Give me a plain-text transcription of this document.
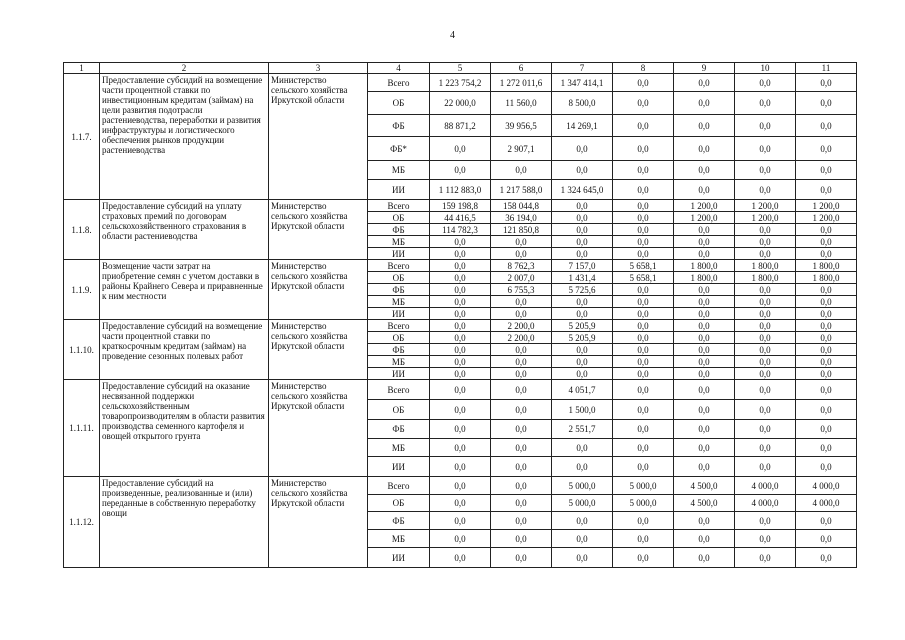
4
1	2	3	4	5	6	7	8	9	10	11
1.1.7.	Предоставление субсидий на возмещение части процентной ставки по инвестиционным кредитам (займам) на цели развития подотрасли растениеводства, переработки и развития инфраструктуры и логистического обеспечения рынков продукции растениеводства	Министерство сельского хозяйства Иркутской области	Всего	1 223 754,2	1 272 011,6	1 347 414,1	0,0	0,0	0,0	0,0
			ОБ	22 000,0	11 560,0	8 500,0	0,0	0,0	0,0	0,0
			ФБ	88 871,2	39 956,5	14 269,1	0,0	0,0	0,0	0,0
			ФБ*	0,0	2 907,1	0,0	0,0	0,0	0,0	0,0
			МБ	0,0	0,0	0,0	0,0	0,0	0,0	0,0
			ИИ	1 112 883,0	1 217 588,0	1 324 645,0	0,0	0,0	0,0	0,0
1.1.8.	Предоставление субсидий на уплату страховых премий по договорам сельскохозяйственного страхования в области растениеводства	Министерство сельского хозяйства Иркутской области	Всего	159 198,8	158 044,8	0,0	0,0	1 200,0	1 200,0	1 200,0
			ОБ	44 416,5	36 194,0	0,0	0,0	1 200,0	1 200,0	1 200,0
			ФБ	114 782,3	121 850,8	0,0	0,0	0,0	0,0	0,0
			МБ	0,0	0,0	0,0	0,0	0,0	0,0	0,0
			ИИ	0,0	0,0	0,0	0,0	0,0	0,0	0,0
1.1.9.	Возмещение части затрат на приобретение семян с учетом доставки в районы Крайнего Севера и приравненные к ним местности	Министерство сельского хозяйства Иркутской области	Всего	0,0	8 762,3	7 157,0	5 658,1	1 800,0	1 800,0	1 800,0
			ОБ	0,0	2 007,0	1 431,4	5 658,1	1 800,0	1 800,0	1 800,0
			ФБ	0,0	6 755,3	5 725,6	0,0	0,0	0,0	0,0
			МБ	0,0	0,0	0,0	0,0	0,0	0,0	0,0
			ИИ	0,0	0,0	0,0	0,0	0,0	0,0	0,0
1.1.10.	Предоставление субсидий на возмещение части процентной ставки по краткосрочным кредитам (займам) на проведение сезонных полевых работ	Министерство сельского хозяйства Иркутской области	Всего	0,0	2 200,0	5 205,9	0,0	0,0	0,0	0,0
			ОБ	0,0	2 200,0	5 205,9	0,0	0,0	0,0	0,0
			ФБ	0,0	0,0	0,0	0,0	0,0	0,0	0,0
			МБ	0,0	0,0	0,0	0,0	0,0	0,0	0,0
			ИИ	0,0	0,0	0,0	0,0	0,0	0,0	0,0
1.1.11.	Предоставление субсидий на оказание несвязанной поддержки сельскохозяйственным товаропроизводителям в области развития производства семенного картофеля и овощей открытого грунта	Министерство сельского хозяйства Иркутской области	Всего	0,0	0,0	4 051,7	0,0	0,0	0,0	0,0
			ОБ	0,0	0,0	1 500,0	0,0	0,0	0,0	0,0
			ФБ	0,0	0,0	2 551,7	0,0	0,0	0,0	0,0
			МБ	0,0	0,0	0,0	0,0	0,0	0,0	0,0
			ИИ	0,0	0,0	0,0	0,0	0,0	0,0	0,0
1.1.12.	Предоставление субсидий на произведенные, реализованные и (или) переданные в собственную переработку овощи	Министерство сельского хозяйства Иркутской области	Всего	0,0	0,0	5 000,0	5 000,0	4 500,0	4 000,0	4 000,0
			ОБ	0,0	0,0	5 000,0	5 000,0	4 500,0	4 000,0	4 000,0
			ФБ	0,0	0,0	0,0	0,0	0,0	0,0	0,0
			МБ	0,0	0,0	0,0	0,0	0,0	0,0	0,0
			ИИ	0,0	0,0	0,0	0,0	0,0	0,0	0,0
